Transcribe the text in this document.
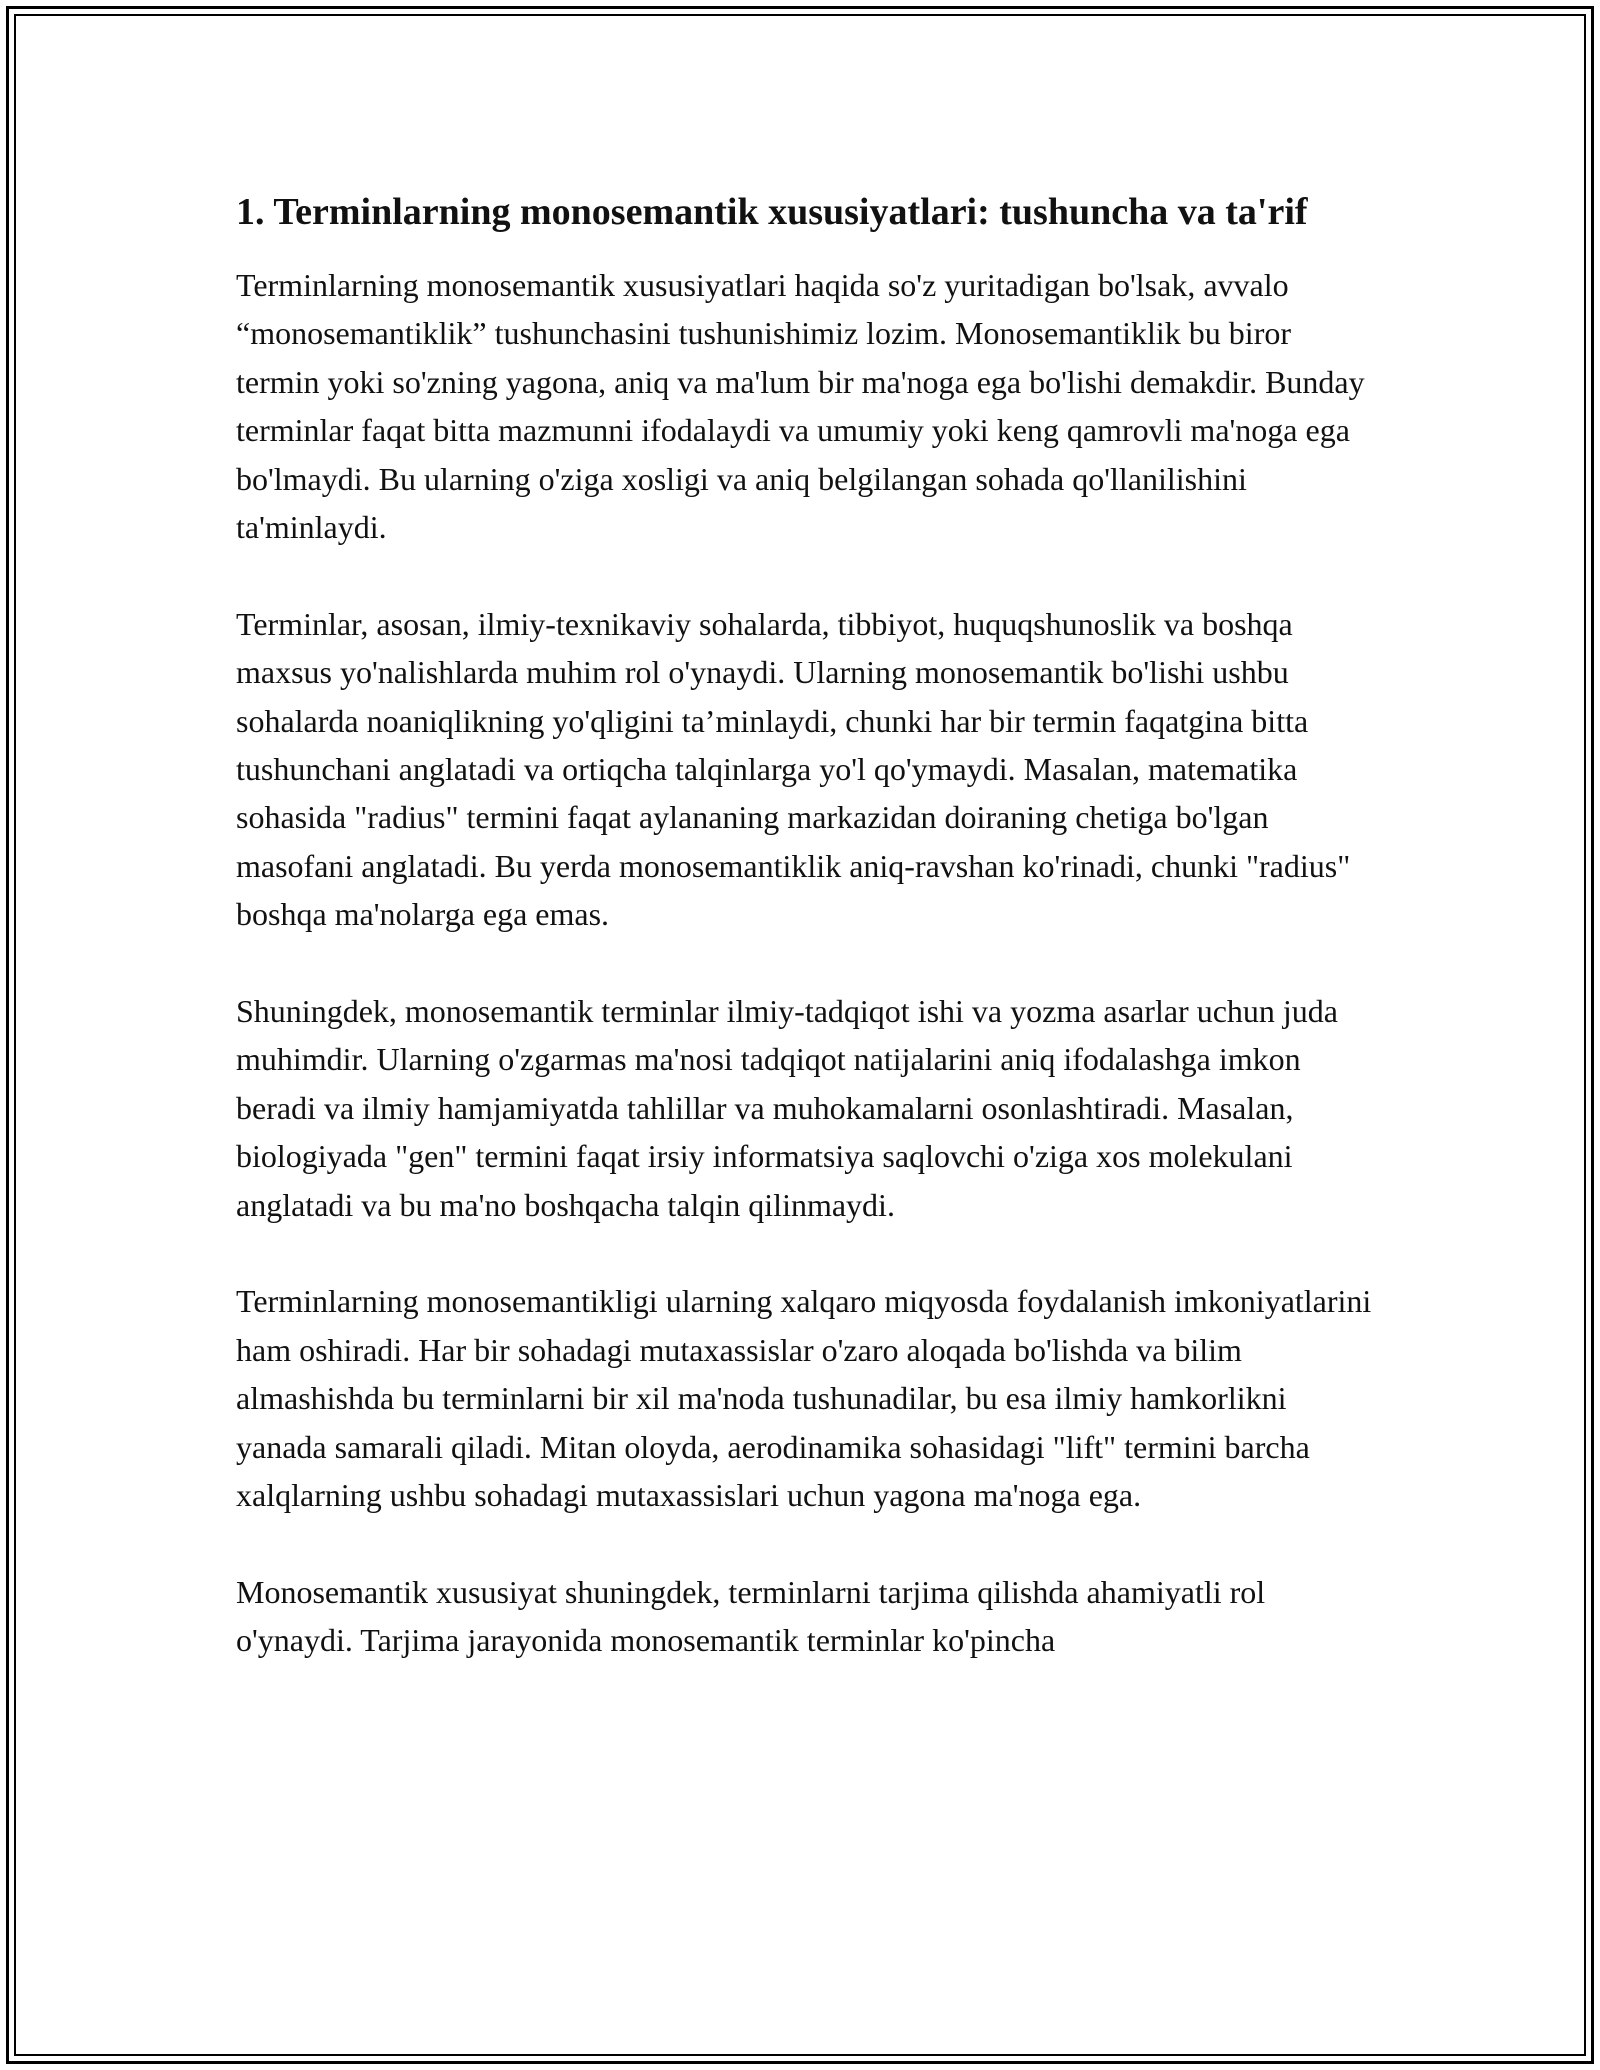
1. Terminlarning monosemantik xususiyatlari: tushuncha va ta'rif

Terminlarning monosemantik xususiyatlari haqida so'z yuritadigan bo'lsak, avvalo “monosemantiklik” tushunchasini tushunishimiz lozim. Monosemantiklik bu biror termin yoki so'zning yagona, aniq va ma'lum bir ma'noga ega bo'lishi demakdir. Bunday terminlar faqat bitta mazmunni ifodalaydi va umumiy yoki keng qamrovli ma'noga ega bo'lmaydi. Bu ularning o'ziga xosligi va aniq belgilangan sohada qo'llanilishini ta'minlaydi.

Terminlar, asosan, ilmiy-texnikaviy sohalarda, tibbiyot, huquqshunoslik va boshqa maxsus yo'nalishlarda muhim rol o'ynaydi. Ularning monosemantik bo'lishi ushbu sohalarda noaniqlikning yo'qligini ta’minlaydi, chunki har bir termin faqatgina bitta tushunchani anglatadi va ortiqcha talqinlarga yo'l qo'ymaydi. Masalan, matematika sohasida "radius" termini faqat aylananing markazidan doiraning chetiga bo'lgan masofani anglatadi. Bu yerda monosemantiklik aniq-ravshan ko'rinadi, chunki "radius" boshqa ma'nolarga ega emas.

Shuningdek, monosemantik terminlar ilmiy-tadqiqot ishi va yozma asarlar uchun juda muhimdir. Ularning o'zgarmas ma'nosi tadqiqot natijalarini aniq ifodalashga imkon beradi va ilmiy hamjamiyatda tahlillar va muhokamalarni osonlashtiradi. Masalan, biologiyada "gen" termini faqat irsiy informatsiya saqlovchi o'ziga xos molekulani anglatadi va bu ma'no boshqacha talqin qilinmaydi.

Terminlarning monosemantikligi ularning xalqaro miqyosda foydalanish imkoniyatlarini ham oshiradi. Har bir sohadagi mutaxassislar o'zaro aloqada bo'lishda va bilim almashishda bu terminlarni bir xil ma'noda tushunadilar, bu esa ilmiy hamkorlikni yanada samarali qiladi. Mitan oloyda, aerodinamika sohasidagi "lift" termini barcha xalqlarning ushbu sohadagi mutaxassislari uchun yagona ma'noga ega.

Monosemantik xususiyat shuningdek, terminlarni tarjima qilishda ahamiyatli rol o'ynaydi. Tarjima jarayonida monosemantik terminlar ko'pincha
